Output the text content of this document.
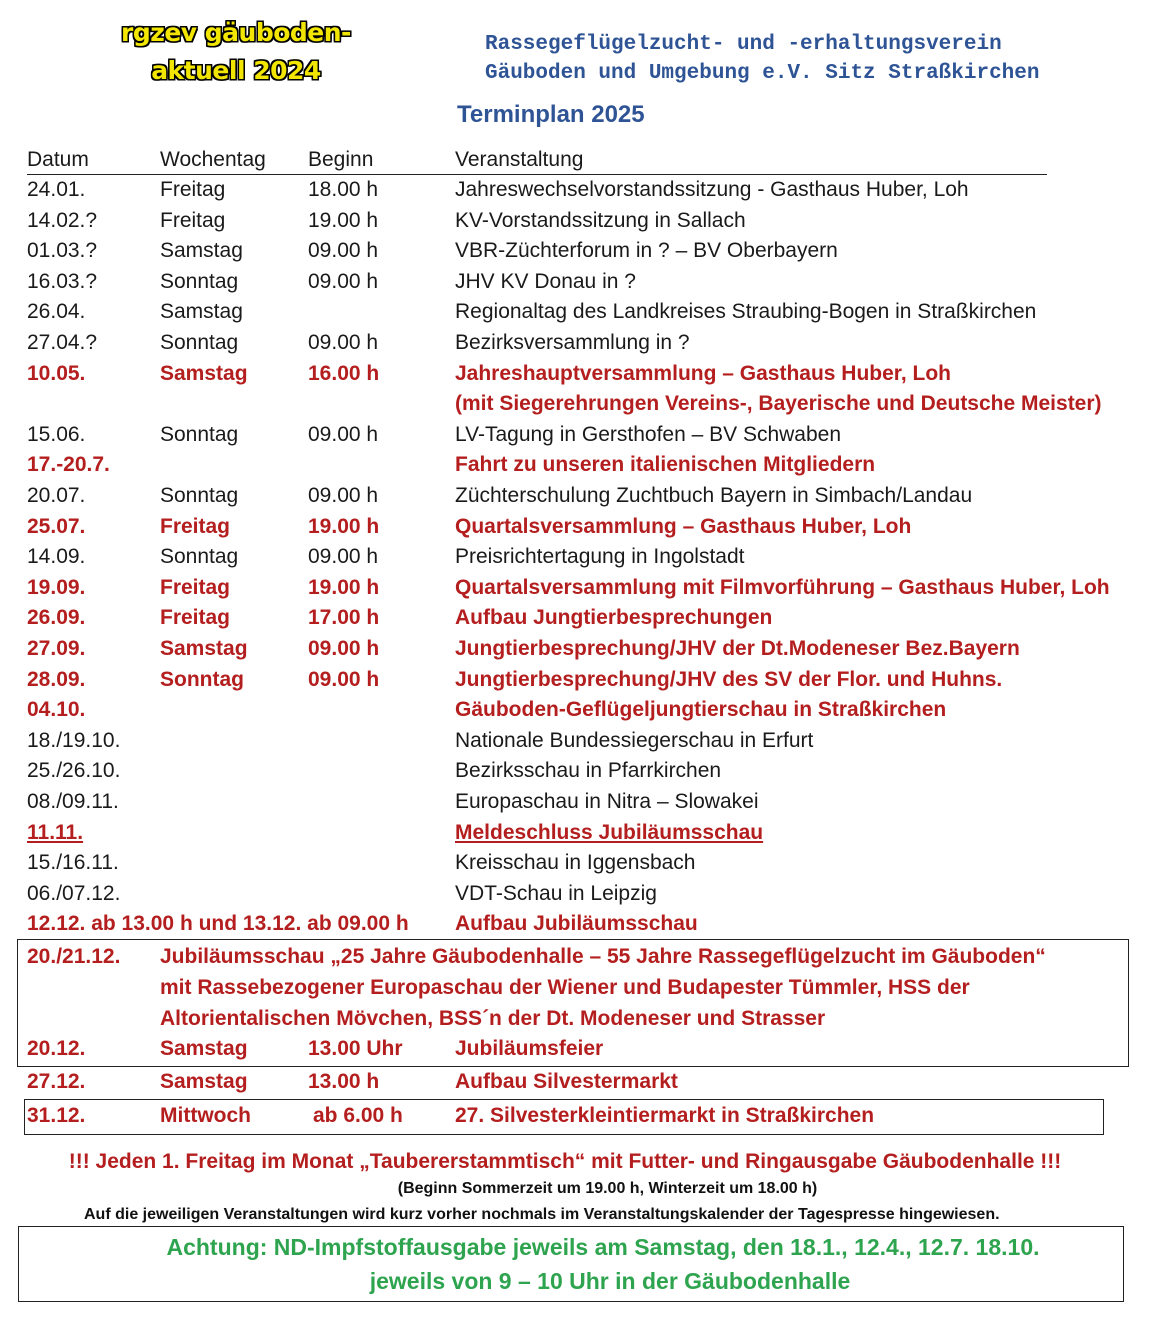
rgzev gäuboden-
aktuell 2024
Rassegeflügelzucht- und -erhaltungsverein
Gäuboden und Umgebung e.V. Sitz Straßkirchen
Terminplan 2025
Datum	Wochentag Beginn	Veranstaltung
24.01.	Freitag	18.00 h	Jahreswechselvorstandssitzung - Gasthaus Huber, Loh
14.02.?	Freitag	19.00 h	KV-Vorstandssitzung in Sallach
01.03.?	Samstag	09.00 h	VBR-Züchterforum in ? – BV Oberbayern
16.03.?	Sonntag	09.00 h	JHV KV Donau in ?
26.04.	Samstag	Regionaltag des Landkreises Straubing-Bogen in Straßkirchen
27.04.?	Sonntag	09.00 h	Bezirksversammlung in ?
10.05.	Samstag	16.00 h	Jahreshauptversammlung – Gasthaus Huber, Loh
(mit Siegerehrungen Vereins-, Bayerische und Deutsche Meister)
15.06.	Sonntag	09.00 h	LV-Tagung in Gersthofen – BV Schwaben
17.-20.7.	Fahrt zu unseren italienischen Mitgliedern
20.07.	Sonntag	09.00 h	Züchterschulung Zuchtbuch Bayern in Simbach/Landau
25.07.	Freitag	19.00 h	Quartalsversammlung – Gasthaus Huber, Loh
14.09.	Sonntag	09.00 h	Preisrichtertagung in Ingolstadt
19.09.	Freitag	19.00 h	Quartalsversammlung mit Filmvorführung – Gasthaus Huber, Loh
26.09.	Freitag	17.00 h	Aufbau Jungtierbesprechungen
27.09.	Samstag	09.00 h	Jungtierbesprechung/JHV der Dt.Modeneser Bez.Bayern
28.09.	Sonntag	09.00 h	Jungtierbesprechung/JHV des SV der Flor. und Huhns.
04.10.	Gäuboden-Geflügeljungtierschau in Straßkirchen
18./19.10.	Nationale Bundessiegerschau in Erfurt
25./26.10.	Bezirksschau in Pfarrkirchen
08./09.11.	Europaschau in Nitra – Slowakei
11.11.	Meldeschluss Jubiläumsschau
15./16.11.	Kreisschau in Iggensbach
06./07.12.	VDT-Schau in Leipzig
12.12. ab 13.00 h und 13.12. ab 09.00 h Aufbau Jubiläumsschau
20./21.12. Jubiläumsschau „25 Jahre Gäubodenhalle – 55 Jahre Rassegeflügelzucht im Gäuboden“
mit Rassebezogener Europaschau der Wiener und Budapester Tümmler, HSS der
Altorientalischen Mövchen, BSS´n der Dt. Modeneser und Strasser
20.12.	Samstag	13.00 Uhr Jubiläumsfeier
27.12.	Samstag	13.00 h	Aufbau Silvestermarkt
31.12.	Mittwoch	ab 6.00 h 27. Silvesterkleintiermarkt in Straßkirchen
!!! Jeden 1. Freitag im Monat „Taubererstammtisch“ mit Futter- und Ringausgabe Gäubodenhalle !!!
(Beginn Sommerzeit um 19.00 h, Winterzeit um 18.00 h)
Auf die jeweiligen Veranstaltungen wird kurz vorher nochmals im Veranstaltungskalender der Tagespresse hingewiesen.
Achtung: ND-Impfstoffausgabe jeweils am Samstag, den 18.1., 12.4., 12.7. 18.10.
jeweils von 9 – 10 Uhr in der Gäubodenhalle
